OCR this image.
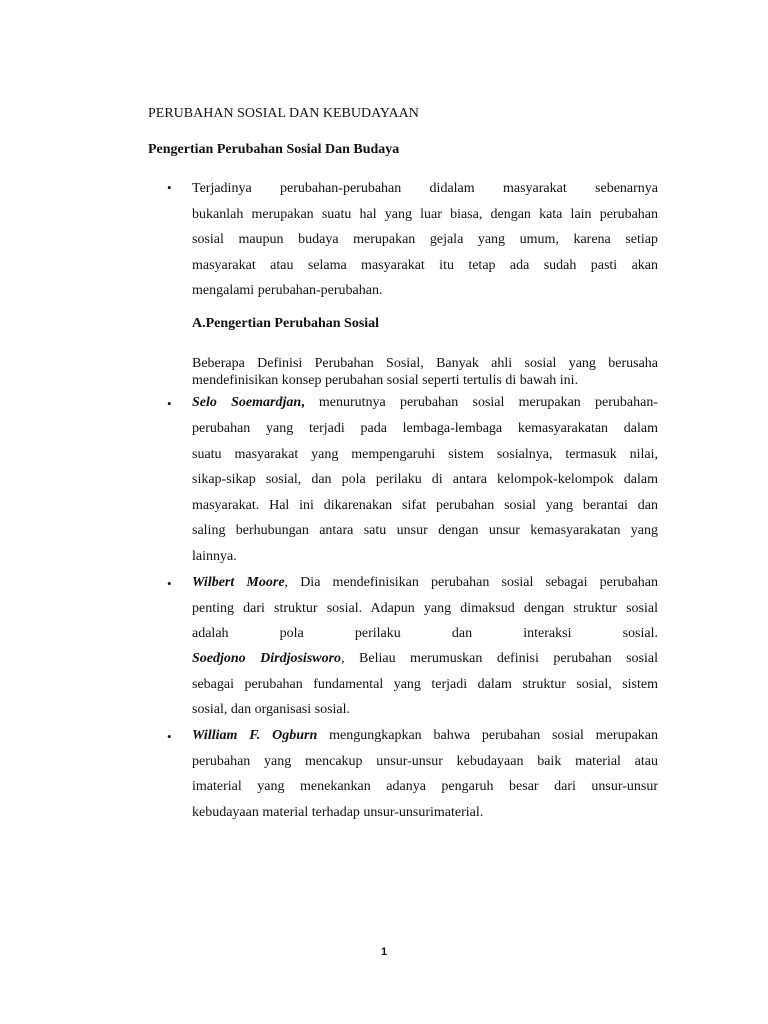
PERUBAHAN SOSIAL DAN KEBUDAYAAN
Pengertian Perubahan Sosial Dan Budaya
• Terjadinya perubahan-perubahan didalam masyarakat sebenarnya

bukanlah merupakan suatu hal yang luar biasa, dengan kata lain perubahan

sosial maupun budaya merupakan gejala yang umum, karena setiap

masyarakat atau selama masyarakat itu tetap ada sudah pasti akan

mengalami perubahan-perubahan.

A.Pengertian Perubahan Sosial

Beberapa Definisi Perubahan Sosial, Banyak ahli sosial yang berusaha

mendefinisikan konsep perubahan sosial seperti tertulis di bawah ini.

• Selo Soemardjan, menurutnya perubahan sosial merupakan perubahan-

perubahan yang terjadi pada lembaga-lembaga kemasyarakatan dalam

suatu masyarakat yang mempengaruhi sistem sosialnya, termasuk nilai,

sikap-sikap sosial, dan pola perilaku di antara kelompok-kelompok dalam

masyarakat. Hal ini dikarenakan sifat perubahan sosial yang berantai dan

saling berhubungan antara satu unsur dengan unsur kemasyarakatan yang

lainnya.

• Wilbert Moore, Dia mendefinisikan perubahan sosial sebagai perubahan

penting dari struktur sosial. Adapun yang dimaksud dengan struktur sosial

adalah pola perilaku dan interaksi sosial.

Soedjono Dirdjosisworo, Beliau merumuskan definisi perubahan sosial

sebagai perubahan fundamental yang terjadi dalam struktur sosial, sistem

sosial, dan organisasi sosial.

• William F. Ogburn mengungkapkan bahwa perubahan sosial merupakan

perubahan yang mencakup unsur-unsur kebudayaan baik material atau

imaterial yang menekankan adanya pengaruh besar dari unsur-unsur

kebudayaan material terhadap unsur-unsurimaterial.

1
